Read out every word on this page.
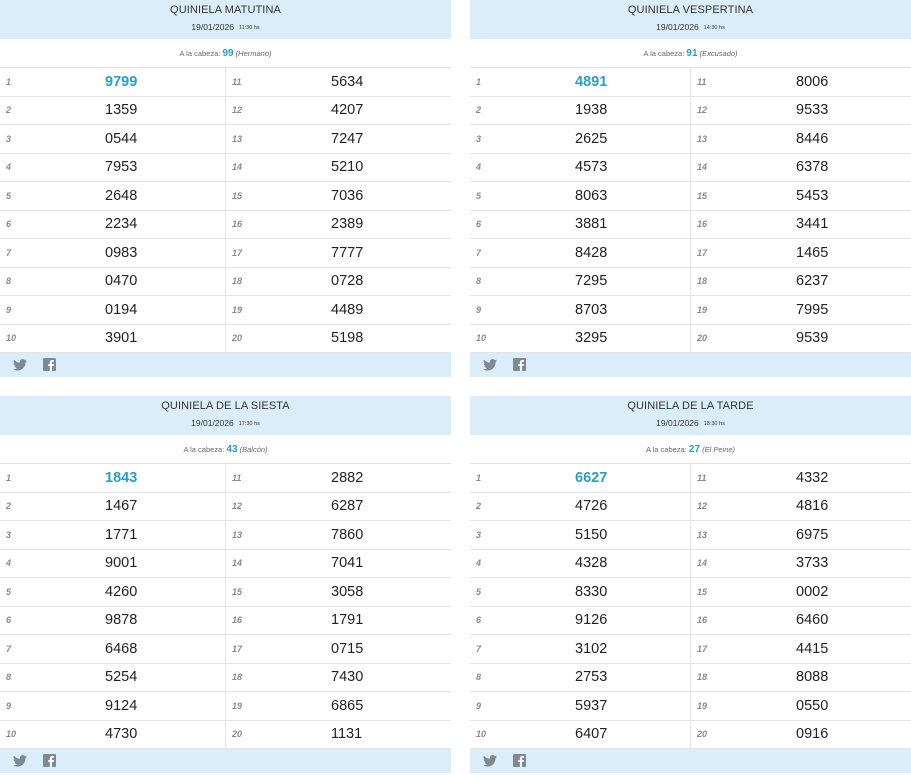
QUINIELA MATUTINA
19/01/2026 11:30 hs
A la cabeza: 99 (Hermano)
1	9799	11	5634
2	1359	12	4207
3	0544	13	7247
4	7953	14	5210
5	2648	15	7036
6	2234	16	2389
7	0983	17	7777
8	0470	18	0728
9	0194	19	4489
10	3901	20	5198
QUINIELA VESPERTINA
19/01/2026 14:30 hs
A la cabeza: 91 (Excusado)
1	4891	11	8006
2	1938	12	9533
3	2625	13	8446
4	4573	14	6378
5	8063	15	5453
6	3881	16	3441
7	8428	17	1465
8	7295	18	6237
9	8703	19	7995
10	3295	20	9539
QUINIELA DE LA SIESTA
19/01/2026 17:30 hs
A la cabeza: 43 (Balcón)
1	1843	11	2882
2	1467	12	6287
3	1771	13	7860
4	9001	14	7041
5	4260	15	3058
6	9878	16	1791
7	6468	17	0715
8	5254	18	7430
9	9124	19	6865
10	4730	20	1131
QUINIELA DE LA TARDE
19/01/2026 18:30 hs
A la cabeza: 27 (El Peine)
1	6627	11	4332
2	4726	12	4816
3	5150	13	6975
4	4328	14	3733
5	8330	15	0002
6	9126	16	6460
7	3102	17	4415
8	2753	18	8088
9	5937	19	0550
10	6407	20	0916
